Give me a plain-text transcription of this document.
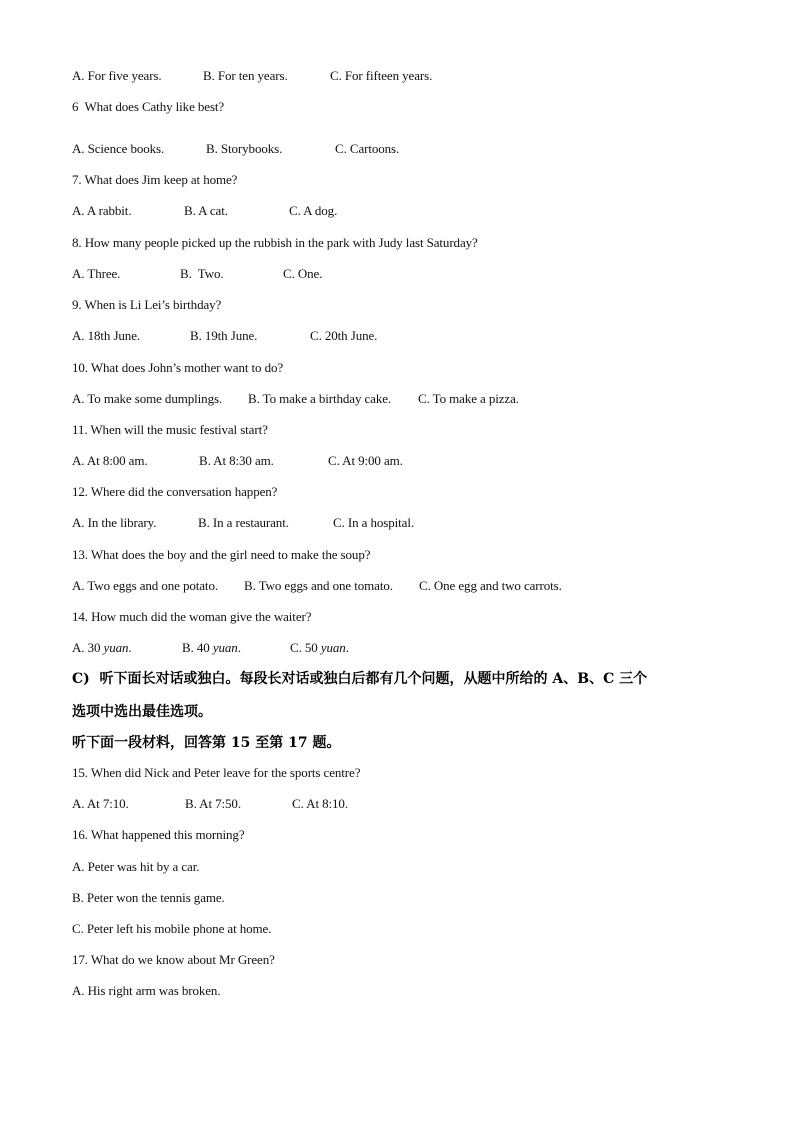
A. For five years.	B. For ten years.	C. For fifteen years.
6  What does Cathy like best?
A. Science books.	B. Storybooks.	C. Cartoons.
7. What does Jim keep at home?
A. A rabbit.	B. A cat.	C. A dog.
8. How many people picked up the rubbish in the park with Judy last Saturday?
A. Three.	B.  Two.	C. One.
9. When is Li Lei’s birthday?
A. 18th June.	B. 19th June.	C. 20th June.
10. What does John’s mother want to do?
A. To make some dumplings. B. To make a birthday cake. C. To make a pizza.
11. When will the music festival start?
A. At 8:00 am.	B. At 8:30 am.	C. At 9:00 am.
12. Where did the conversation happen?
A. In the library.	B. In a restaurant.	C. In a hospital.
13. What does the boy and the girl need to make the soup?
A. Two eggs and one potato. B. Two eggs and one tomato. C. One egg and two carrots.
14. How much did the woman give the waiter?
15. When did Nick and Peter leave for the sports centre?
A. At 7:10.	B. At 7:50.	C. At 8:10.
16. What happened this morning?
A. Peter was hit by a car.
B. Peter won the tennis game.
C. Peter left his mobile phone at home.
17. What do we know about Mr Green?
A. His right arm was broken.
A. 30 yuan.	B. 40 yuan.	C. 50 yuan.
C)  听下面长对话或独白。每段长对话或独白后都有几个问题，从题中所给的 A、B、C 三个
选项中选出最佳选项。
听下面一段材料，回答第 15 至第 17 题。
